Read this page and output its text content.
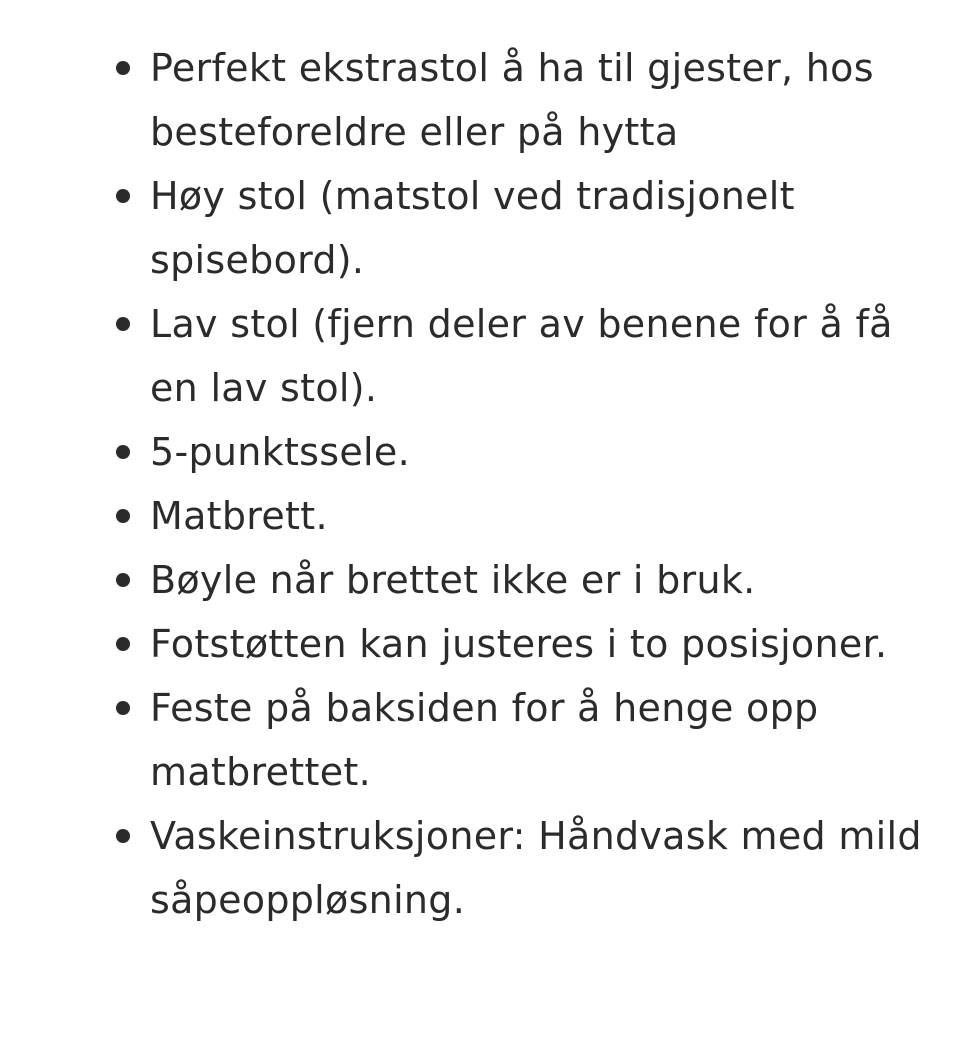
Perfekt ekstrastol å ha til gjester, hos besteforeldre eller på hytta
Høy stol (matstol ved tradisjonelt spisebord).
Lav stol (fjern deler av benene for å få en lav stol).
5-punktssele.
Matbrett.
Bøyle når brettet ikke er i bruk.
Fotstøtten kan justeres i to posisjoner.
Feste på baksiden for å henge opp matbrettet.
Vaskeinstruksjoner: Håndvask med mild såpeoppløsning.
